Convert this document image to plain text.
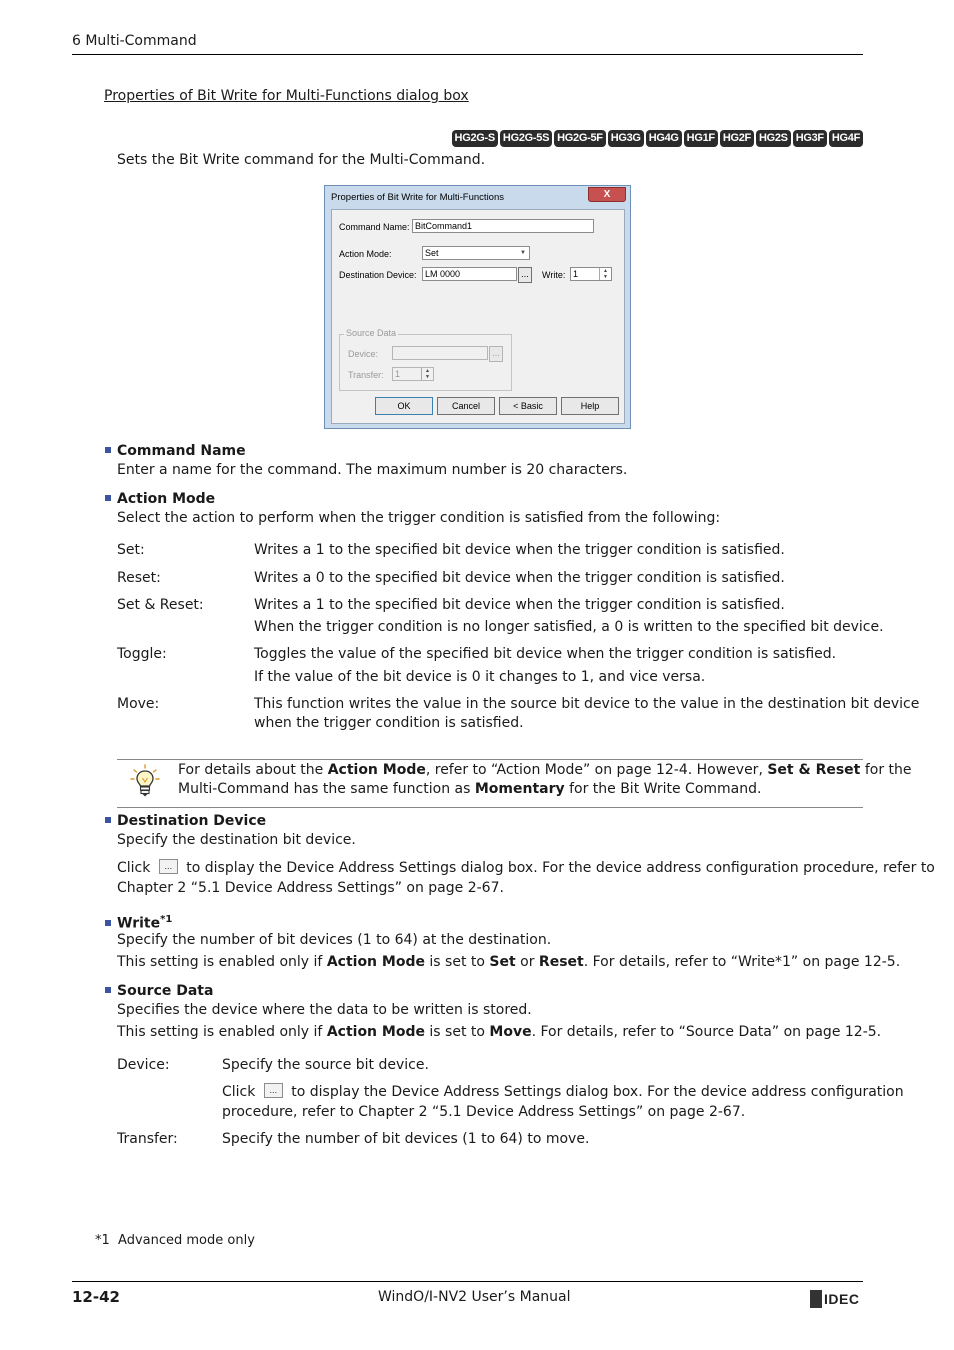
6 Multi-Command
Properties of Bit Write for Multi-Functions dialog box
HG2G-S HG2G-5S HG2G-5F HG3G HG4G HG1F HG2F HG2S HG3F HG4F
Sets the Bit Write command for the Multi-Command.
Properties of Bit Write for Multi-Functions	X
Command Name: BitCommand1
Action Mode:	Set	▼
Destination Device: LM 0000	...	Write: 1	▲
▼
Source Data
Device:	...
Transfer:	1	▲
▼
OK	Cancel	< Basic	Help
Command Name
Enter a name for the command. The maximum number is 20 characters.
Action Mode
Select the action to perform when the trigger condition is satisfied from the following:
Set:	Writes a 1 to the specified bit device when the trigger condition is satisfied.
Reset:	Writes a 0 to the specified bit device when the trigger condition is satisfied.
Set & Reset:	Writes a 1 to the specified bit device when the trigger condition is satisfied.
When the trigger condition is no longer satisfied, a 0 is written to the specified bit device.
Toggle:	Toggles the value of the specified bit device when the trigger condition is satisfied.
If the value of the bit device is 0 it changes to 1, and vice versa.
Move:	This function writes the value in the source bit device to the value in the destination bit device
when the trigger condition is satisfied.
For details about the Action Mode, refer to “Action Mode” on page 12-4. However, Set & Reset for the
Multi-Command has the same function as Momentary for the Bit Write Command.
Destination Device
Specify the destination bit device.
Click ... to display the Device Address Settings dialog box. For the device address configuration procedure, refer to
Chapter 2 “5.1 Device Address Settings” on page 2-67.
Write$^{*1}$
Specify the number of bit devices (1 to 64) at the destination.
This setting is enabled only if Action Mode is set to Set or Reset. For details, refer to “Write*1” on page 12-5.
Source Data
Specifies the device where the data to be written is stored.
This setting is enabled only if Action Mode is set to Move. For details, refer to “Source Data” on page 12-5.
Device:	Specify the source bit device.
Click ... to display the Device Address Settings dialog box. For the device address configuration
procedure, refer to Chapter 2 “5.1 Device Address Settings” on page 2-67.
Transfer:	Specify the number of bit devices (1 to 64) to move.
*1 Advanced mode only
12-42	WindO/I-NV2 User’s Manual	IDEC
